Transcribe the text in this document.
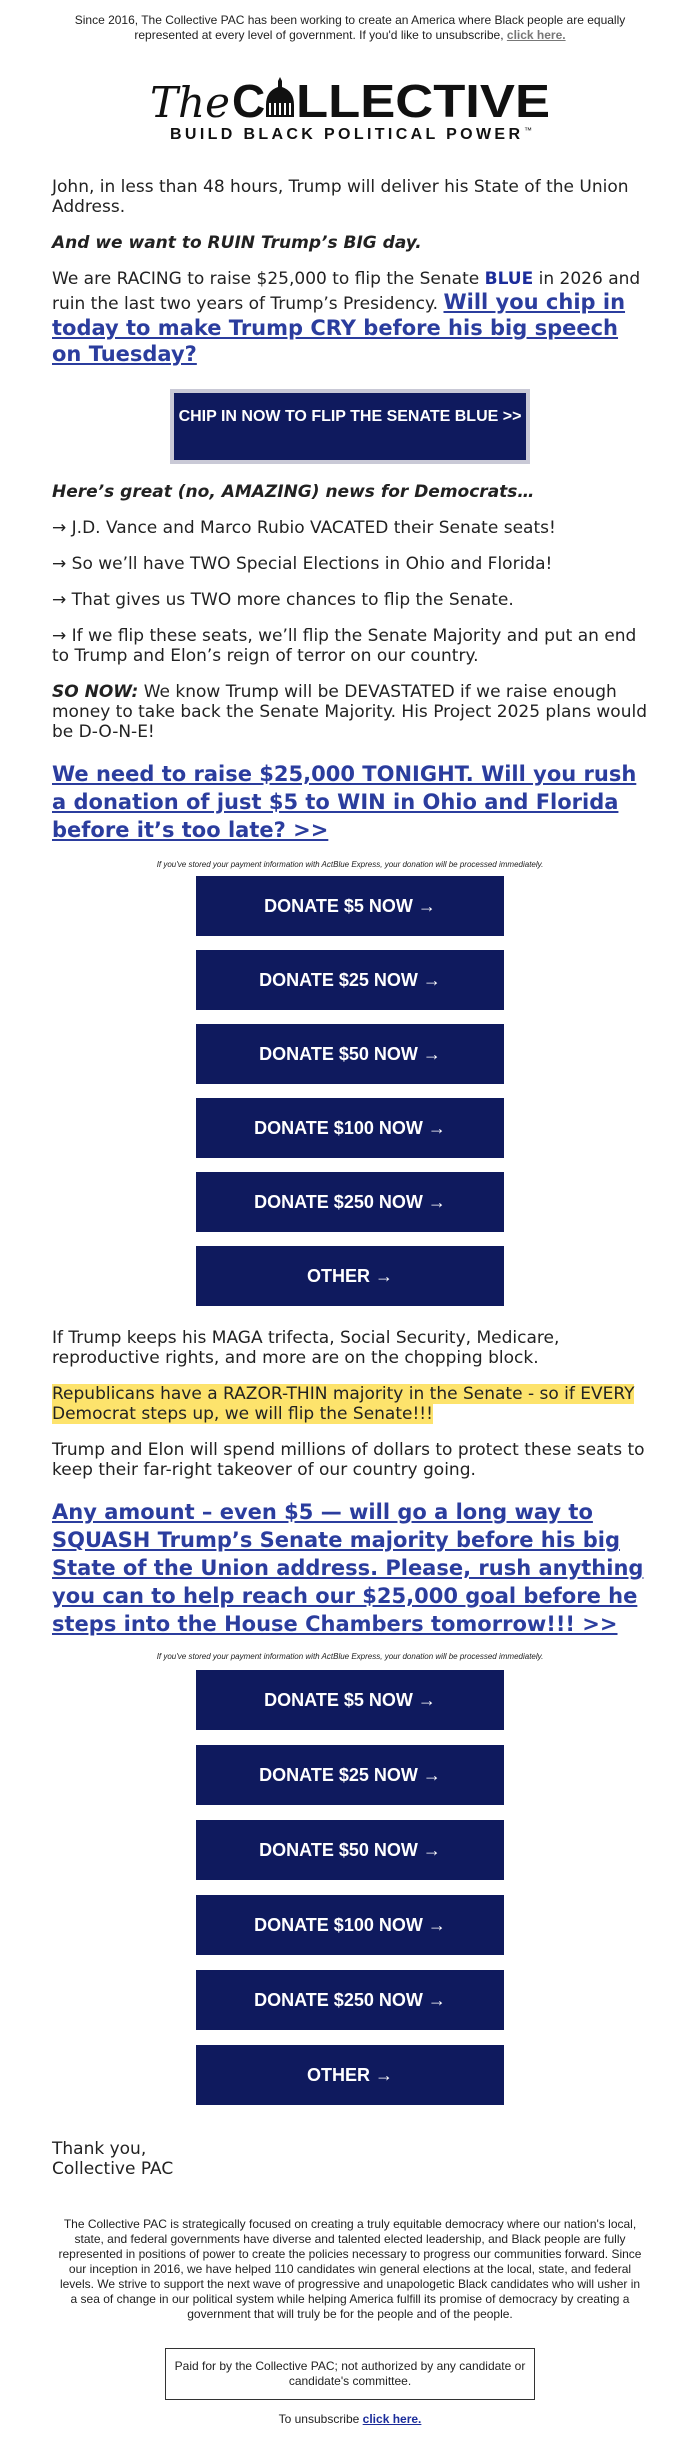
Since 2016, The Collective PAC has been working to create an America where Black people are equally represented at every level of government. If you'd like to unsubscribe, click here.
The C LLECTIVE
BUILD BLACK POLITICAL POWER ™

John, in less than 48 hours, Trump will deliver his State of the Union Address.

And we want to RUIN Trump’s BIG day.

We are RACING to raise $25,000 to flip the Senate BLUE in 2026 and ruin the last two years of Trump’s Presidency. Will you chip in today to make Trump CRY before his big speech on Tuesday?

CHIP IN NOW TO FLIP THE SENATE BLUE >>

Here’s great (no, AMAZING) news for Democrats…

→ J.D. Vance and Marco Rubio VACATED their Senate seats!

→ So we’ll have TWO Special Elections in Ohio and Florida!

→ That gives us TWO more chances to flip the Senate.

→ If we flip these seats, we’ll flip the Senate Majority and put an end to Trump and Elon’s reign of terror on our country.

SO NOW: We know Trump will be DEVASTATED if we raise enough money to take back the Senate Majority. His Project 2025 plans would be D-O-N-E!

We need to raise $25,000 TONIGHT. Will you rush a donation of just $5 to WIN in Ohio and Florida before it’s too late? >>
If you've stored your payment information with ActBlue Express, your donation will be processed immediately.
DONATE $5 NOW →
DONATE $25 NOW →
DONATE $50 NOW →
DONATE $100 NOW →
DONATE $250 NOW →
OTHER →

If Trump keeps his MAGA trifecta, Social Security, Medicare, reproductive rights, and more are on the chopping block.

Republicans have a RAZOR-THIN majority in the Senate - so if EVERY Democrat steps up, we will flip the Senate!!!

Trump and Elon will spend millions of dollars to protect these seats to keep their far-right takeover of our country going.

Any amount – even $5 — will go a long way to SQUASH Trump’s Senate majority before his big State of the Union address. Please, rush anything you can to help reach our $25,000 goal before he steps into the House Chambers tomorrow!!! >>
If you've stored your payment information with ActBlue Express, your donation will be processed immediately.
DONATE $5 NOW →
DONATE $25 NOW →
DONATE $50 NOW →
DONATE $100 NOW →
DONATE $250 NOW →
OTHER →

Thank you,

Collective PAC

The Collective PAC is strategically focused on creating a truly equitable democracy where our nation's local, state, and federal governments have diverse and talented elected leadership, and Black people are fully represented in positions of power to create the policies necessary to progress our communities forward. Since our inception in 2016, we have helped 110 candidates win general elections at the local, state, and federal levels. We strive to support the next wave of progressive and unapologetic Black candidates who will usher in a sea of change in our political system while helping America fulfill its promise of democracy by creating a government that will truly be for the people and of the people.
Paid for by the Collective PAC; not authorized by any candidate or candidate's committee.
To unsubscribe click here.
